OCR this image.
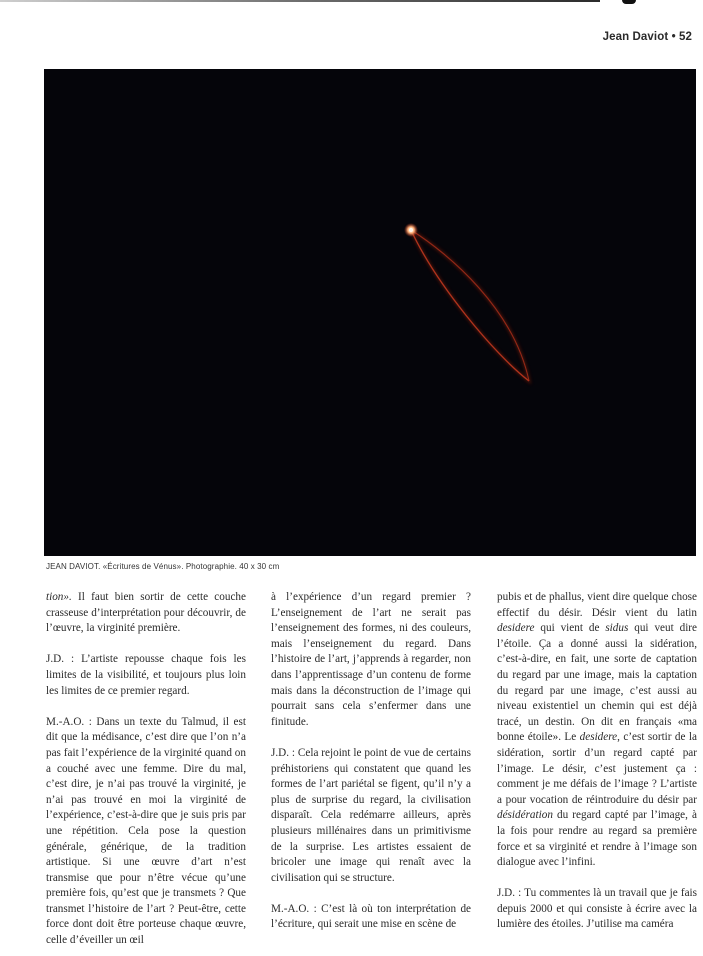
Jean Daviot • 52
JEAN DAVIOT. «Écritures de Vénus». Photographie. 40 x 30 cm

tion». Il faut bien sortir de cette couche crasseuse d’interprétation pour découvrir, de l’œuvre, la virginité première.

J.D. : L’artiste repousse chaque fois les limites de la visibilité, et toujours plus loin les limites de ce premier regard.

M.-A.O. : Dans un texte du Talmud, il est dit que la médisance, c’est dire que l’on n’a pas fait l’expérience de la virginité quand on a couché avec une femme. Dire du mal, c’est dire, je n’ai pas trouvé la virginité, je n’ai pas trouvé en moi la virginité de l’expérience, c’est-à-dire que je suis pris par une répétition. Cela pose la question générale, générique, de la tradition artistique. Si une œuvre d’art n’est transmise que pour n’être vécue qu’une première fois, qu’est que je transmets ? Que transmet l’histoire de l’art ? Peut-être, cette force dont doit être porteuse chaque œuvre, celle d’éveiller un œil

à l’expérience d’un regard premier ? L’enseignement de l’art ne serait pas l’enseignement des formes, ni des couleurs, mais l’enseignement du regard. Dans l’histoire de l’art, j’apprends à regarder, non dans l’apprentissage d’un contenu de forme mais dans la déconstruction de l’image qui pourrait sans cela s’enfermer dans une finitude.

J.D. : Cela rejoint le point de vue de certains préhistoriens qui constatent que quand les formes de l’art pariétal se figent, qu’il n’y a plus de surprise du regard, la civilisation disparaît. Cela redémarre ailleurs, après plusieurs millénaires dans un primitivisme de la surprise. Les artistes essaient de bricoler une image qui renaît avec la civilisation qui se structure.

M.-A.O. : C’est là où ton interprétation de l’écriture, qui serait une mise en scène de

pubis et de phallus, vient dire quelque chose effectif du désir. Désir vient du latin desidere qui vient de sidus qui veut dire l’étoile. Ça a donné aussi la sidération, c’est-à-dire, en fait, une sorte de captation du regard par une image, mais la captation du regard par une image, c’est aussi au niveau existentiel un chemin qui est déjà tracé, un destin. On dit en français «ma bonne étoile». Le desidere, c’est sortir de la sidération, sortir d’un regard capté par l’image. Le désir, c’est justement ça : comment je me défais de l’image ? L’artiste a pour vocation de réintroduire du désir par désidération du regard capté par l’image, à la fois pour rendre au regard sa première force et sa virginité et rendre à l’image son dialogue avec l’infini.

J.D. : Tu commentes là un travail que je fais depuis 2000 et qui consiste à écrire avec la lumière des étoiles. J’utilise ma caméra
